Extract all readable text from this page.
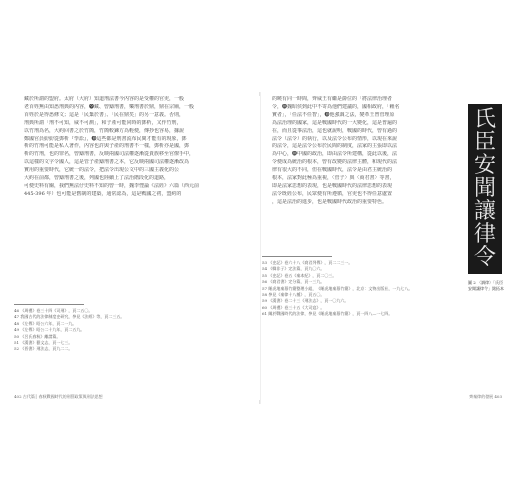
藏於所謂的盟府。太府（大府）知道刑法書今內容的是受權的官吏，一般

老百姓無由知悉刑典的內容，❾藏、曾鑄刑書，樂刑書於鼎，鼎在宗廟，一般

百姓於是得悉條文；這是「民棄於書」、「民在鼎矣」的另一意義。否則，

刑典所謂「刑不可知，威不可測」，和子產可能同時的鄧析，又作竹刑，

以竹刑為名，大約回書之於竹簡，竹簡較鍊方為輕便，傳抄也容易，據說

鄭國官員紛紛從鄧析『學訟』，❿這些都是刑書流布民間才能有的現象，鄧

析的竹刑可能是私人著作，內容也許與子產的刑書不一樣，鄧析亦是國，鄧

析的竹刑，也的罪名，曾鑄刑書，反映兩國司法權逐漸從貴族移至官僚手中，

以這樣的文字令國人，這是管子產鑄刑書之本，它反映兩國司法權逐漸改為

實用的重要時代，它統一的法令，把法令出現公文中的三國主義化的公

大約在前都，曾鑄刑書之後，列國也陸續上了法治階段化的道路，

可便史料有關，我們無法仔史料不知的曾一時，魏李悝論《法經》六篇（西元前

445-396 年）也可能是舊制的建築，通常認為，這是戰國之初，盟約的

46 《周禮》卷三十四《司刑》，頁二五〇。
47 我國古代的法律制度史研究，參見《法經》等，頁二三五。
48 《左傳》昭公六年，頁二一九。
49 《左傳》昭公二十九年，頁二五九。
50 《呂氏春秋》離謂篇。
51 《漢書》藝文志，頁一七三。
52 《晉書》刑法志，頁九二二。
402 古代篇│ 春秋戰國時代的刑罰政策與刑法思想

的曉有同一時間，齊威王有繼是爵位的「將法律治理者

令，❿魏昭侯到此中不寄為他們建議的，國相政府，「賴名

實者」，「任法不任智」，❿他強調之法，變革王曾管理原

為法治理的國家，這是戰國時代的一大變化，這是普遍的

在，而且從事法治，這也就說明，戰國的時代，曾有過的

法令（法令）的執行，以及法令公布的情形，以現在來說

的法令，這是法令公布於民間的制度，法家的主張即以法

為中心，❿中國的政治，即由法令所建構，從此以後，法

令便成為統治的根本，曾有改變的法律主體，和現代的法

律有很大的不同，但在戰國時代，法令是由君主統治的

根本，法家對此極為重視，〈管子〉與〈商君書〉等書，

即是法家思想的表現，也是戰國時代的法律思想的表現

法令既經公布，民眾便有所遵循，官吏也不得任意處置

，這是法治的進步，也是戰國時代政治的重要特色。

氏
臣
安
聞
讓
律
令
圖 2 〈調律〉「氏臣安聞讓律令」銘拓本
53 《史記》卷六十八《商君列傳》，頁二二三一。
54 《韓非子》定法篇，頁九〇六。
55 《史記》卷五《秦本紀》，頁二〇三。
56 《商君書》定分篇，頁一三九。
57 睡虎地秦墓竹簡整理小組，《睡虎地秦墓竹簡》，北京：文物出版社，一九七八。
58 參見《秦律十八種》，頁五〇。
59 《漢書》卷二十三《刑法志》，頁一〇九六。
60 《周禮》卷三十五《大司寇》。
61 關於戰國時代的法律，參見《睡虎地秦墓竹簡》，頁一四八—一七四。
齊秦律的發展 403
